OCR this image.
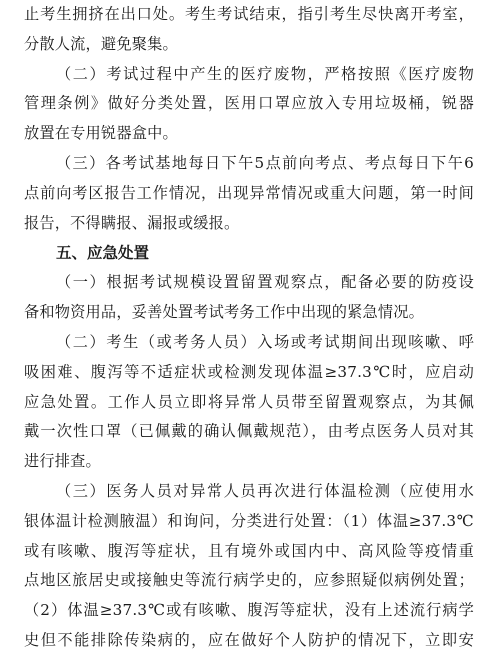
止考生拥挤在出口处。考生考试结束，指引考生尽快离开考室，
分散人流，避免聚集。
（二）考试过程中产生的医疗废物，严格按照《医疗废物
管理条例》做好分类处置，医用口罩应放入专用垃圾桶，锐器
放置在专用锐器盒中。
（三）各考试基地每日下午5点前向考点、考点每日下午6
点前向考区报告工作情况，出现异常情况或重大问题，第一时间
报告，不得瞒报、漏报或缓报。
五、应急处置
（一）根据考试规模设置留置观察点，配备必要的防疫设
备和物资用品，妥善处置考试考务工作中出现的紧急情况。
（二）考生（或考务人员）入场或考试期间出现咳嗽、呼
吸困难、腹泻等不适症状或检测发现体温≥37.3℃时，应启动
应急处置。工作人员立即将异常人员带至留置观察点，为其佩
戴一次性口罩（已佩戴的确认佩戴规范），由考点医务人员对其
进行排查。
（三）医务人员对异常人员再次进行体温检测（应使用水
银体温计检测腋温）和询问，分类进行处置：（1）体温≥37.3℃
或有咳嗽、腹泻等症状，且有境外或国内中、高风险等疫情重
点地区旅居史或接触史等流行病学史的，应参照疑似病例处置；
（2）体温≥37.3℃或有咳嗽、腹泻等症状，没有上述流行病学
史但不能排除传染病的，应在做好个人防护的情况下，立即安
